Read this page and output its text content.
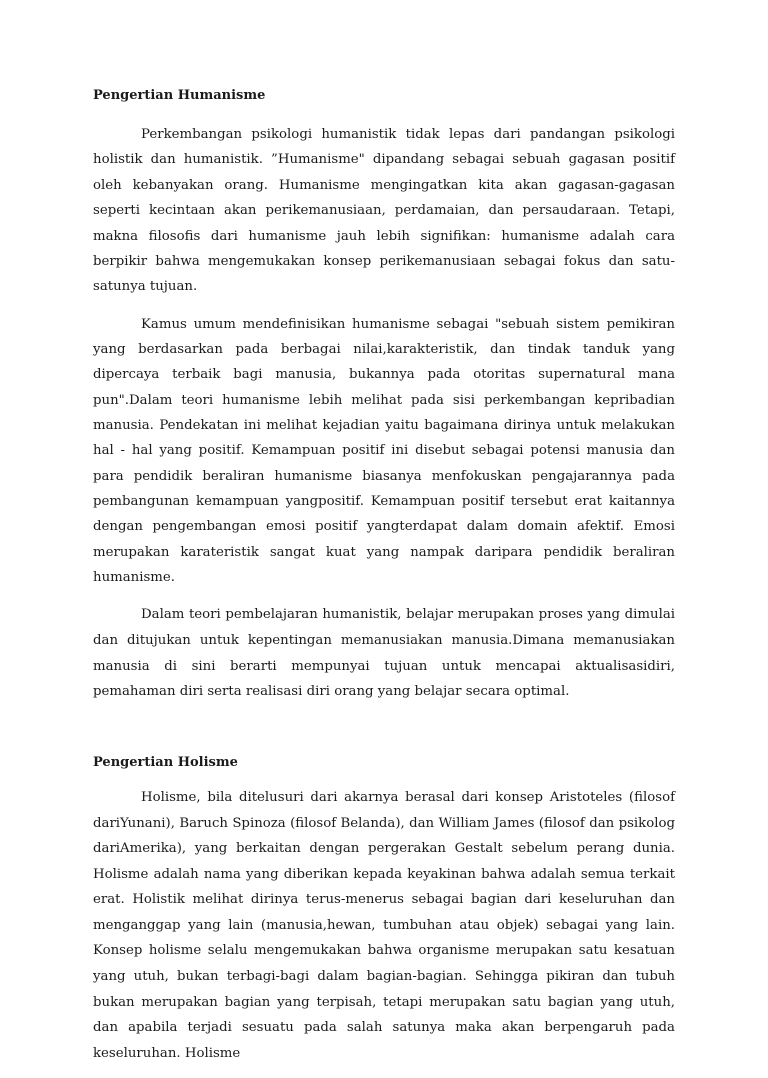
Pengertian Humanisme

Perkembangan psikologi humanistik tidak lepas dari pandangan psikologi holistik dan humanistik. ”Humanisme" dipandang sebagai sebuah gagasan positif oleh kebanyakan orang. Humanisme mengingatkan kita akan gagasan-gagasan seperti kecintaan akan perikemanusiaan, perdamaian, dan persaudaraan. Tetapi, makna filosofis dari humanisme jauh lebih signifikan: humanisme adalah cara berpikir bahwa mengemukakan konsep perikemanusiaan sebagai fokus dan satu-satunya tujuan.

Kamus umum mendefinisikan humanisme sebagai "sebuah sistem pemikiran yang berdasarkan pada berbagai nilai,karakteristik, dan tindak tanduk yang dipercaya terbaik bagi manusia, bukannya pada otoritas supernatural mana pun".Dalam teori humanisme lebih melihat pada sisi perkembangan kepribadian manusia. Pendekatan ini melihat kejadian yaitu bagaimana dirinya untuk melakukan hal - hal yang positif. Kemampuan positif ini disebut sebagai potensi manusia dan para pendidik beraliran humanisme biasanya menfokuskan pengajarannya pada pembangunan kemampuan yangpositif. Kemampuan positif tersebut erat kaitannya dengan pengembangan emosi positif yangterdapat dalam domain afektif. Emosi merupakan karateristik sangat kuat yang nampak daripara pendidik beraliran humanisme.

Dalam teori pembelajaran humanistik, belajar merupakan proses yang dimulai dan ditujukan untuk kepentingan memanusiakan manusia.Dimana memanusiakan manusia di sini berarti mempunyai tujuan untuk mencapai aktualisasidiri, pemahaman diri serta realisasi diri orang yang belajar secara optimal.

Pengertian Holisme

Holisme, bila ditelusuri dari akarnya berasal dari konsep Aristoteles (filosof dariYunani), Baruch Spinoza (filosof Belanda), dan William James (filosof dan psikolog dariAmerika), yang berkaitan dengan pergerakan Gestalt sebelum perang dunia. Holisme adalah nama yang diberikan kepada keyakinan bahwa adalah semua terkait erat. Holistik melihat dirinya terus-menerus sebagai bagian dari keseluruhan dan menganggap yang lain (manusia,hewan, tumbuhan atau objek) sebagai yang lain. Konsep holisme selalu mengemukakan bahwa organisme merupakan satu kesatuan yang utuh, bukan terbagi-bagi dalam bagian-bagian. Sehingga pikiran dan tubuh bukan merupakan bagian yang terpisah, tetapi merupakan satu bagian yang utuh, dan apabila terjadi sesuatu pada salah satunya maka akan berpengaruh pada keseluruhan. Holisme
